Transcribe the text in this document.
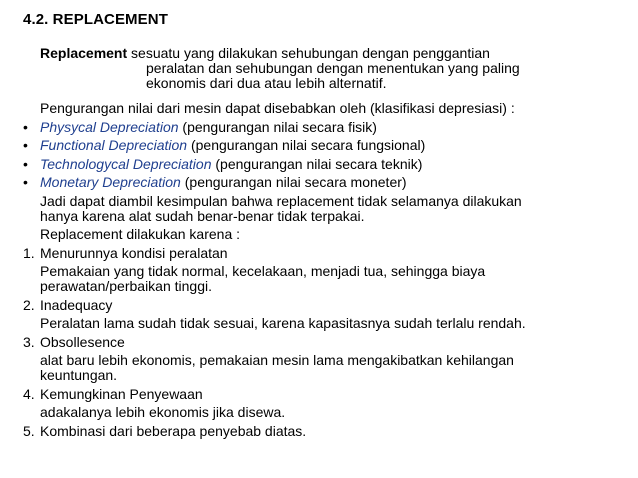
4.2. REPLACEMENT
Replacement sesuatu yang dilakukan sehubungan dengan penggantian
peralatan dan sehubungan dengan menentukan yang paling
ekonomis dari dua atau lebih alternatif.
Pengurangan nilai dari mesin dapat disebabkan oleh (klasifikasi depresiasi) :
• Physycal Depreciation (pengurangan nilai secara fisik)
• Functional Depreciation (pengurangan nilai secara fungsional)
• Technologycal Depreciation (pengurangan nilai secara teknik)
• Monetary Depreciation (pengurangan nilai secara moneter)
Jadi dapat diambil kesimpulan bahwa replacement tidak selamanya dilakukan
hanya karena alat sudah benar-benar tidak terpakai.
Replacement dilakukan karena :
1. Menurunnya kondisi peralatan
Pemakaian yang tidak normal, kecelakaan, menjadi tua, sehingga biaya
perawatan/perbaikan tinggi.
2. Inadequacy
Peralatan lama sudah tidak sesuai, karena kapasitasnya sudah terlalu rendah.
3. Obsollesence
alat baru lebih ekonomis, pemakaian mesin lama mengakibatkan kehilangan
keuntungan.
4. Kemungkinan Penyewaan
adakalanya lebih ekonomis jika disewa.
5. Kombinasi dari beberapa penyebab diatas.
